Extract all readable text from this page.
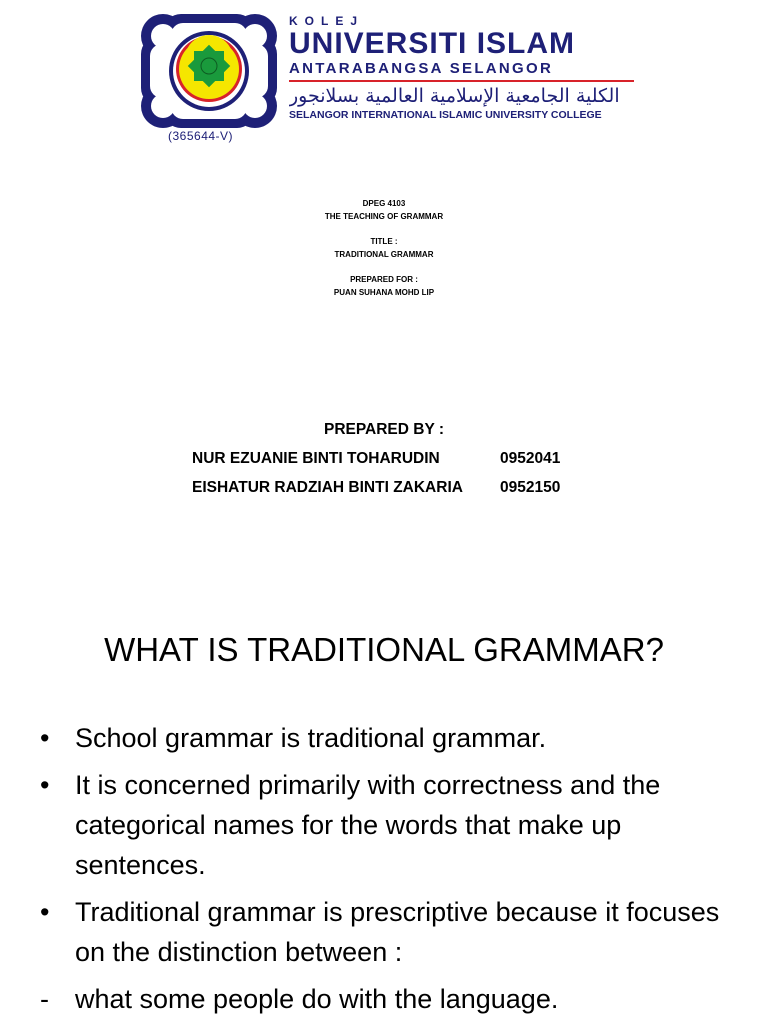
(365644-V)
KOLEJ
UNIVERSITI ISLAM
ANTARABANGSA SELANGOR
الكلية الجامعية الإسلامية العالمية بسلانجور
SELANGOR INTERNATIONAL ISLAMIC UNIVERSITY COLLEGE
DPEG 4103
THE TEACHING OF GRAMMAR
TITLE :
TRADITIONAL GRAMMAR
PREPARED FOR :
PUAN SUHANA MOHD LIP
PREPARED BY :
NUR EZUANIE BINTI TOHARUDIN	0952041
EISHATUR RADZIAH BINTI ZAKARIA	0952150
WHAT IS TRADITIONAL GRAMMAR?
• School grammar is traditional grammar.
• It is concerned primarily with correctness and the categorical names for the words that make up sentences.
• Traditional grammar is prescriptive because it focuses on the distinction between :
- what some people do with the language.
